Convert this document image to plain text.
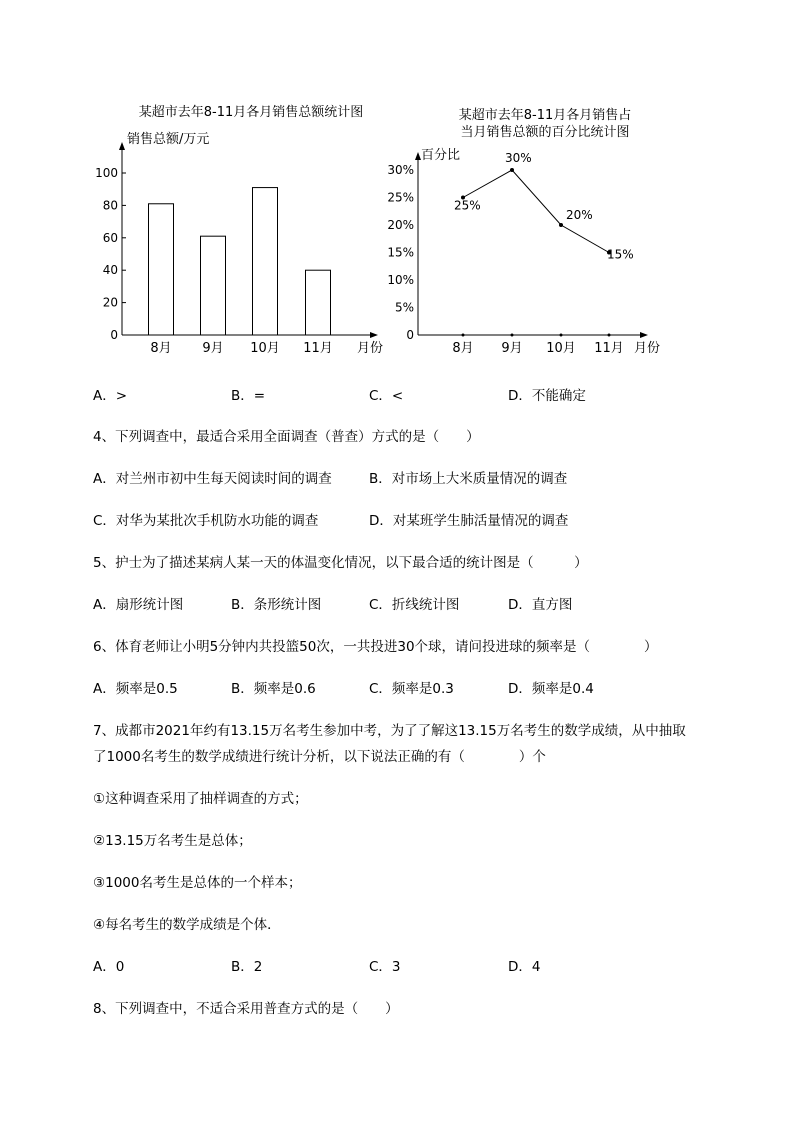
某超市去年8-11月各月销售总额统计图
销售总额/万元
月份
0
20
40
60
80
100
8月 9月 10月 11月
某超市去年8-11月各月销售占
当月销售总额的百分比统计图
百分比
月份
0
5%
10%
15%
20%
25%
30%
8月
25%
9月
30%
10月
20%
11月
15%
A．>	B．=	C．<	D．不能确定
4、下列调查中，最适合采用全面调查（普查）方式的是（　　）
A．对兰州市初中生每天阅读时间的调查	B．对市场上大米质量情况的调查
C．对华为某批次手机防水功能的调查	D．对某班学生肺活量情况的调查
5、护士为了描述某病人某一天的体温变化情况，以下最合适的统计图是（　　　）
A．扇形统计图	B．条形统计图	C．折线统计图	D．直方图
6、体育老师让小明5分钟内共投篮50次，一共投进30个球，请问投进球的频率是（　　　　）
A．频率是0.5	B．频率是0.6	C．频率是0.3	D．频率是0.4
7、成都市2021年约有13.15万名考生参加中考，为了了解这13.15万名考生的数学成绩，从中抽取
了1000名考生的数学成绩进行统计分析，以下说法正确的有（　　　　）个
①这种调查采用了抽样调查的方式；
②13.15万名考生是总体；
③1000名考生是总体的一个样本；
④每名考生的数学成绩是个体．
A．0	B．2	C．3	D．4
8、下列调查中，不适合采用普查方式的是（　　）
